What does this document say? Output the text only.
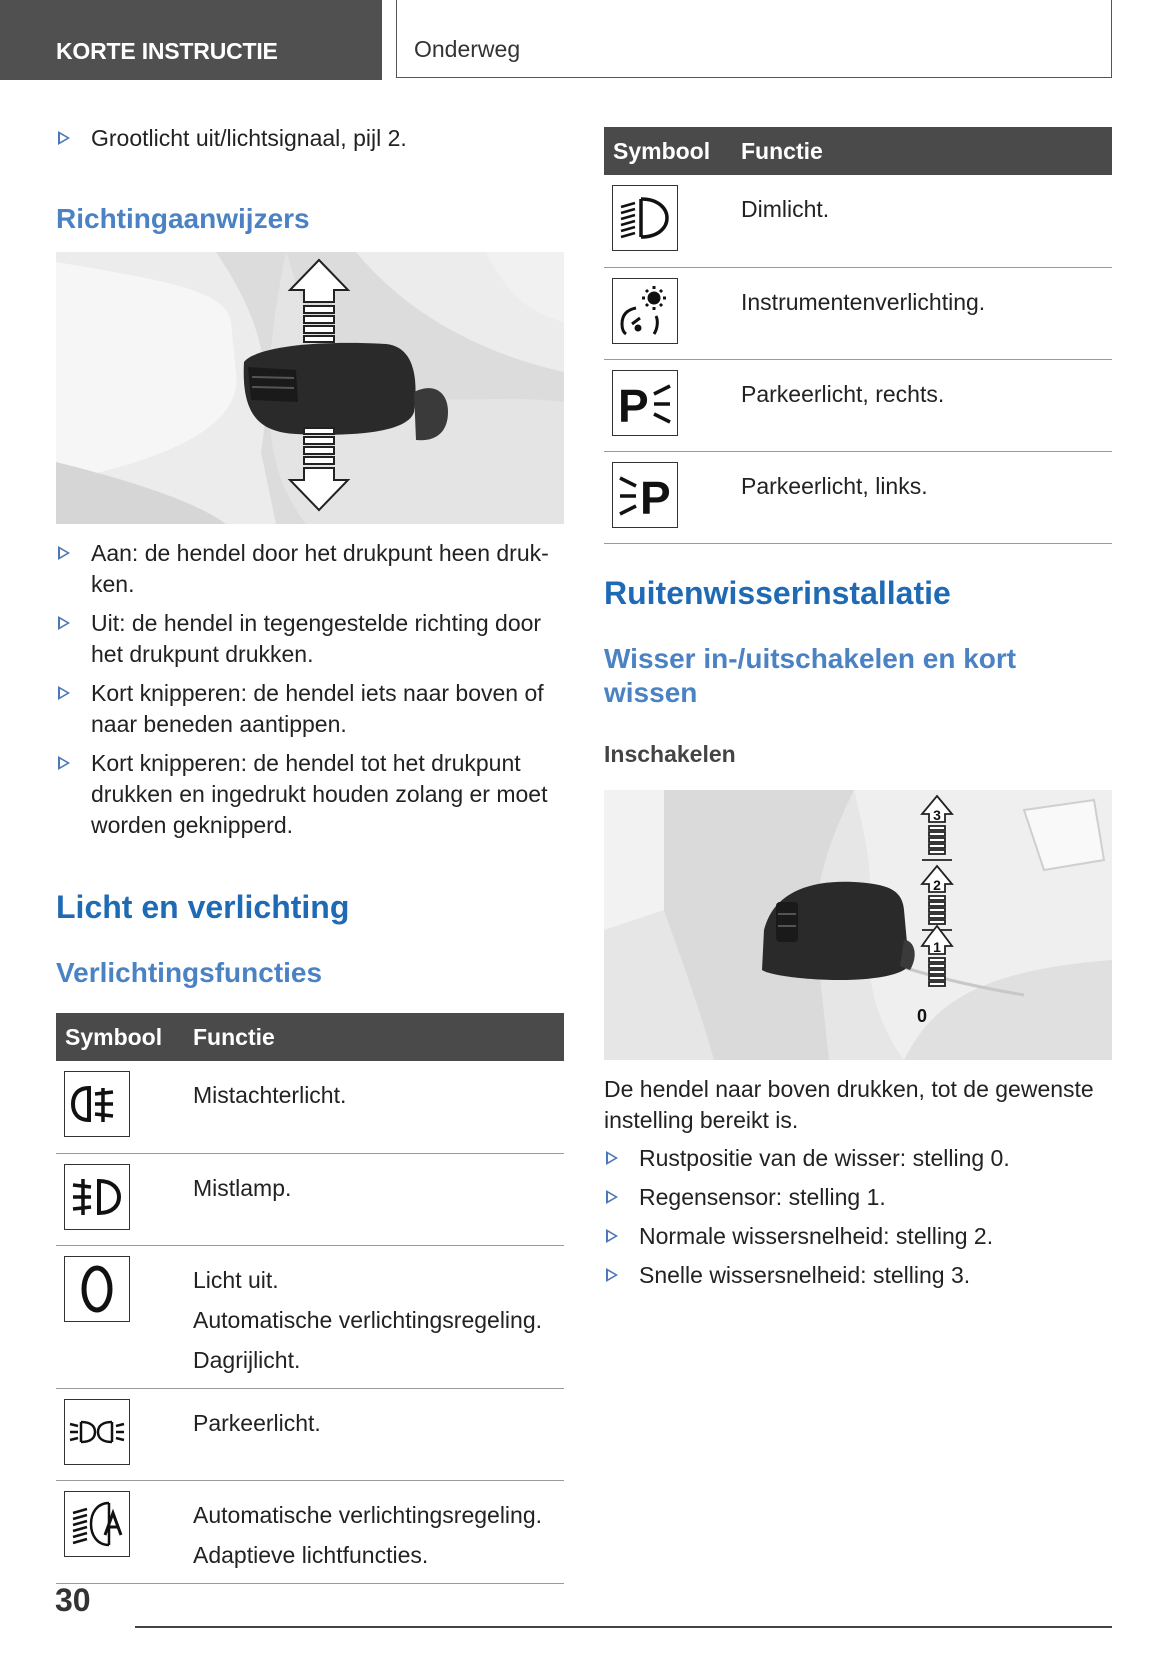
KORTE INSTRUCTIE	Onderweg
Grootlicht uit/lichtsignaal, pijl 2.
Richtingaanwijzers
Aan: de hendel door het drukpunt heen druk-ken.
Uit: de hendel in tegengestelde richting door het drukpunt drukken.
Kort knipperen: de hendel iets naar boven of naar beneden aantippen.
Kort knipperen: de hendel tot het drukpunt drukken en ingedrukt houden zolang er moet worden geknipperd.
Licht en verlichting
Verlichtingsfuncties
Symbool	Functie

Mistachterlicht.

Mistlamp.

Licht uit.
Automatische verlichtingsregeling.
Dagrijlicht.

Parkeerlicht.

Automatische verlichtingsregeling.
Adaptieve lichtfuncties.
Symbool	Functie

Dimlicht.

Instrumentenverlichting.

P	Parkeerlicht, rechts.

P	Parkeerlicht, links.
Ruitenwisserinstallatie
Wisser in-/uitschakelen en kort wissen
Inschakelen
3
2
1
0
De hendel naar boven drukken, tot de gewenste instelling bereikt is.
Rustpositie van de wisser: stelling 0.
Regensensor: stelling 1.
Normale wissersnelheid: stelling 2.
Snelle wissersnelheid: stelling 3.
30
